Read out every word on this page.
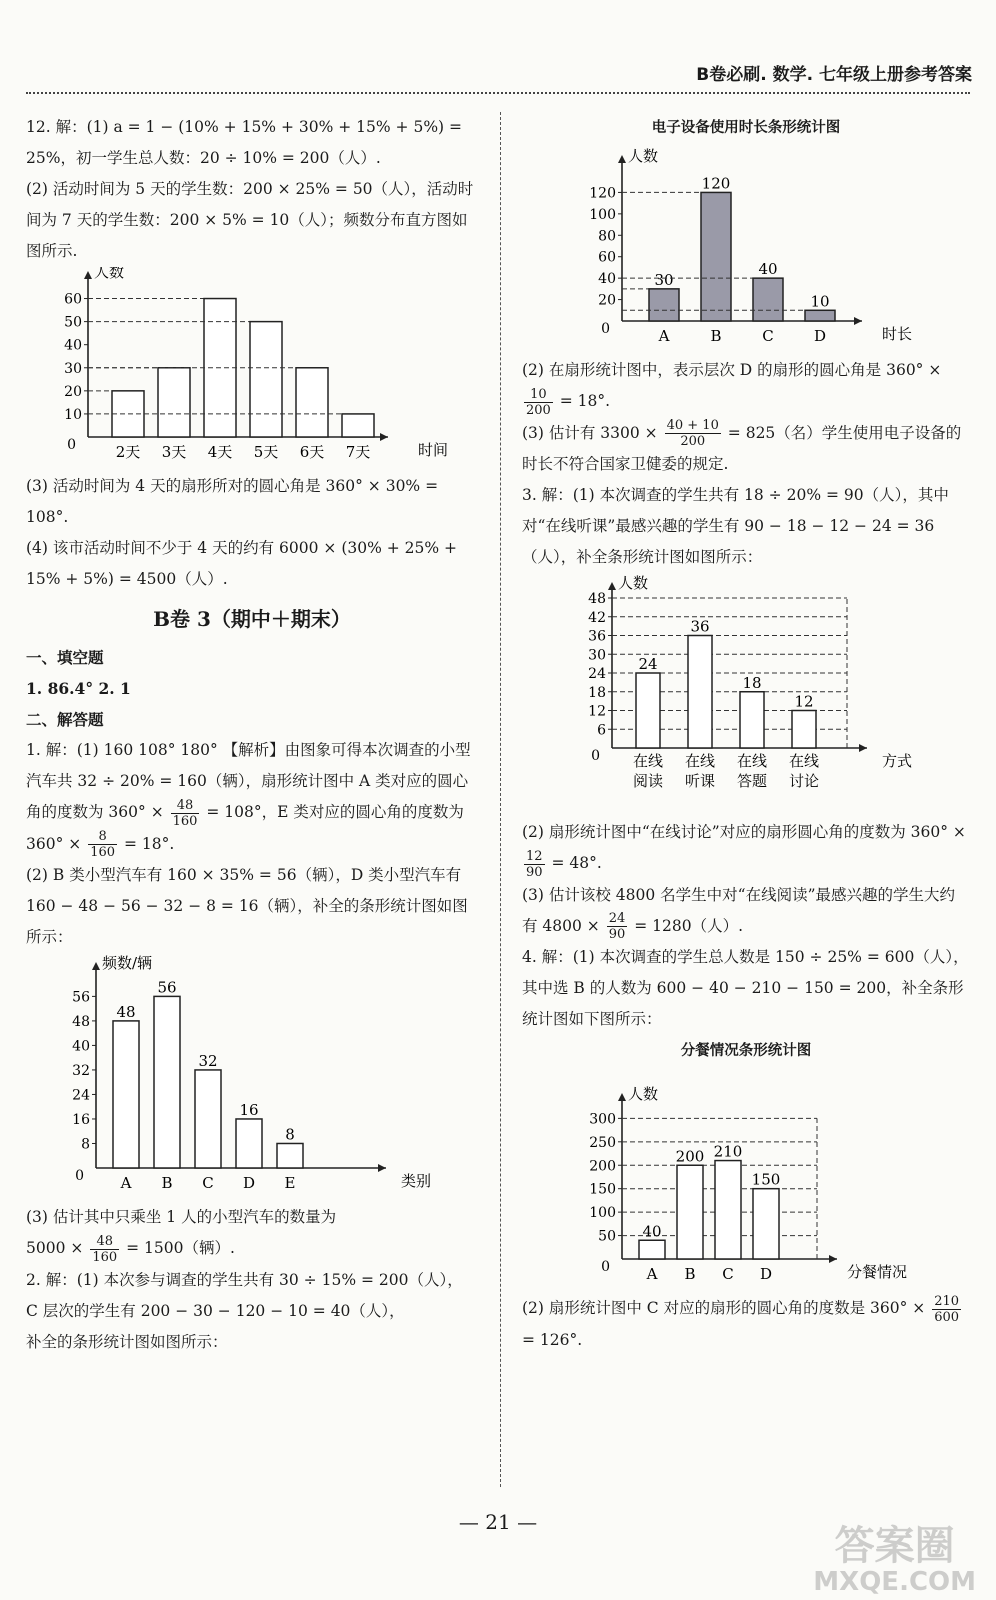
B卷必刷. 数学. 七年级上册参考答案

12. 解：(1) a = 1 − (10% + 15% + 30% + 15% + 5%) = 25%，初一学生总人数：20 ÷ 10% = 200（人）.

(2) 活动时间为 5 天的学生数：200 × 25% = 50（人），活动时间为 7 天的学生数：200 × 5% = 10（人）；频数分布直方图如图所示.

人数
时间
0
10
20
30
40
50
60
2天 3天 4天 5天 6天 7天

(3) 活动时间为 4 天的扇形所对的圆心角是 360° × 30% = 108°.

(4) 该市活动时间不少于 4 天的约有 6000 × (30% + 25% + 15% + 5%) = 4500（人）.

B卷 3（期中＋期末）

一、填空题

1. 86.4° 2. 1

二、解答题

1. 解：(1) 160 108° 180° 【解析】由图象可得本次调查的小型汽车共 32 ÷ 20% = 160（辆），扇形统计图中 A 类对应的圆心角的度数为 $360^\circ \times \frac{48}{160} = 108^\circ$，E 类对应的圆心角的度数为 $360^\circ \times \frac{8}{160} = 18^\circ$.

(2) B 类小型汽车有 160 × 35% = 56（辆），D 类小型汽车有 160 − 48 − 56 − 32 − 8 = 16（辆），补全的条形统计图如图所示：

频数/辆
类别
0
8
16
24
32
40
48
56
48
A
56
B
32
C
16
D
8
E

(3) 估计其中只乘坐 1 人的小型汽车的数量为

$5000 \times \frac{48}{160} = 1500$（辆）.

2. 解：(1) 本次参与调查的学生共有 30 ÷ 15% = 200（人），

C 层次的学生有 200 − 30 − 120 − 10 = 40（人），

补全的条形统计图如图所示：

电子设备使用时长条形统计图
人数
时长
0
20
40
60
80
100
120
30
A
120
B
40
C
10
D

(2) 在扇形统计图中，表示层次 D 的扇形的圆心角是 360° ×
$\frac{10}{200} = 18^\circ$.

(3) 估计有 $3300 \times \frac{40 + 10}{200} = 825$（名）学生使用电子设备的时长不符合国家卫健委的规定.

3. 解：(1) 本次调查的学生共有 18 ÷ 20% = 90（人），其中对“在线听课”最感兴趣的学生有 90 − 18 − 12 − 24 = 36（人），补全条形统计图如图所示：

人数
方式
0
6
12
18
24
30
36
42
48
24
在线
阅读
36
在线
听课
18
在线
答题
12
在线
讨论

(2) 扇形统计图中“在线讨论”对应的扇形圆心角的度数为 360° ×
$\frac{12}{90} = 48^\circ$.

(3) 估计该校 4800 名学生中对“在线阅读”最感兴趣的学生大约有 $4800 \times \frac{24}{90} = 1280$（人）.

4. 解：(1) 本次调查的学生总人数是 150 ÷ 25% = 600（人），其中选 B 的人数为 600 − 40 − 210 − 150 = 200，补全条形统计图如下图所示：

分餐情况条形统计图
人数
分餐情况
0
50
100
150
200
250
300
40
A
200
B
210
C
150
D

(2) 扇形统计图中 C 对应的扇形的圆心角的度数是 $360^\circ \times \frac{210}{600}$
= 126°.

— 21 —
答案圈
MXQE.COM
